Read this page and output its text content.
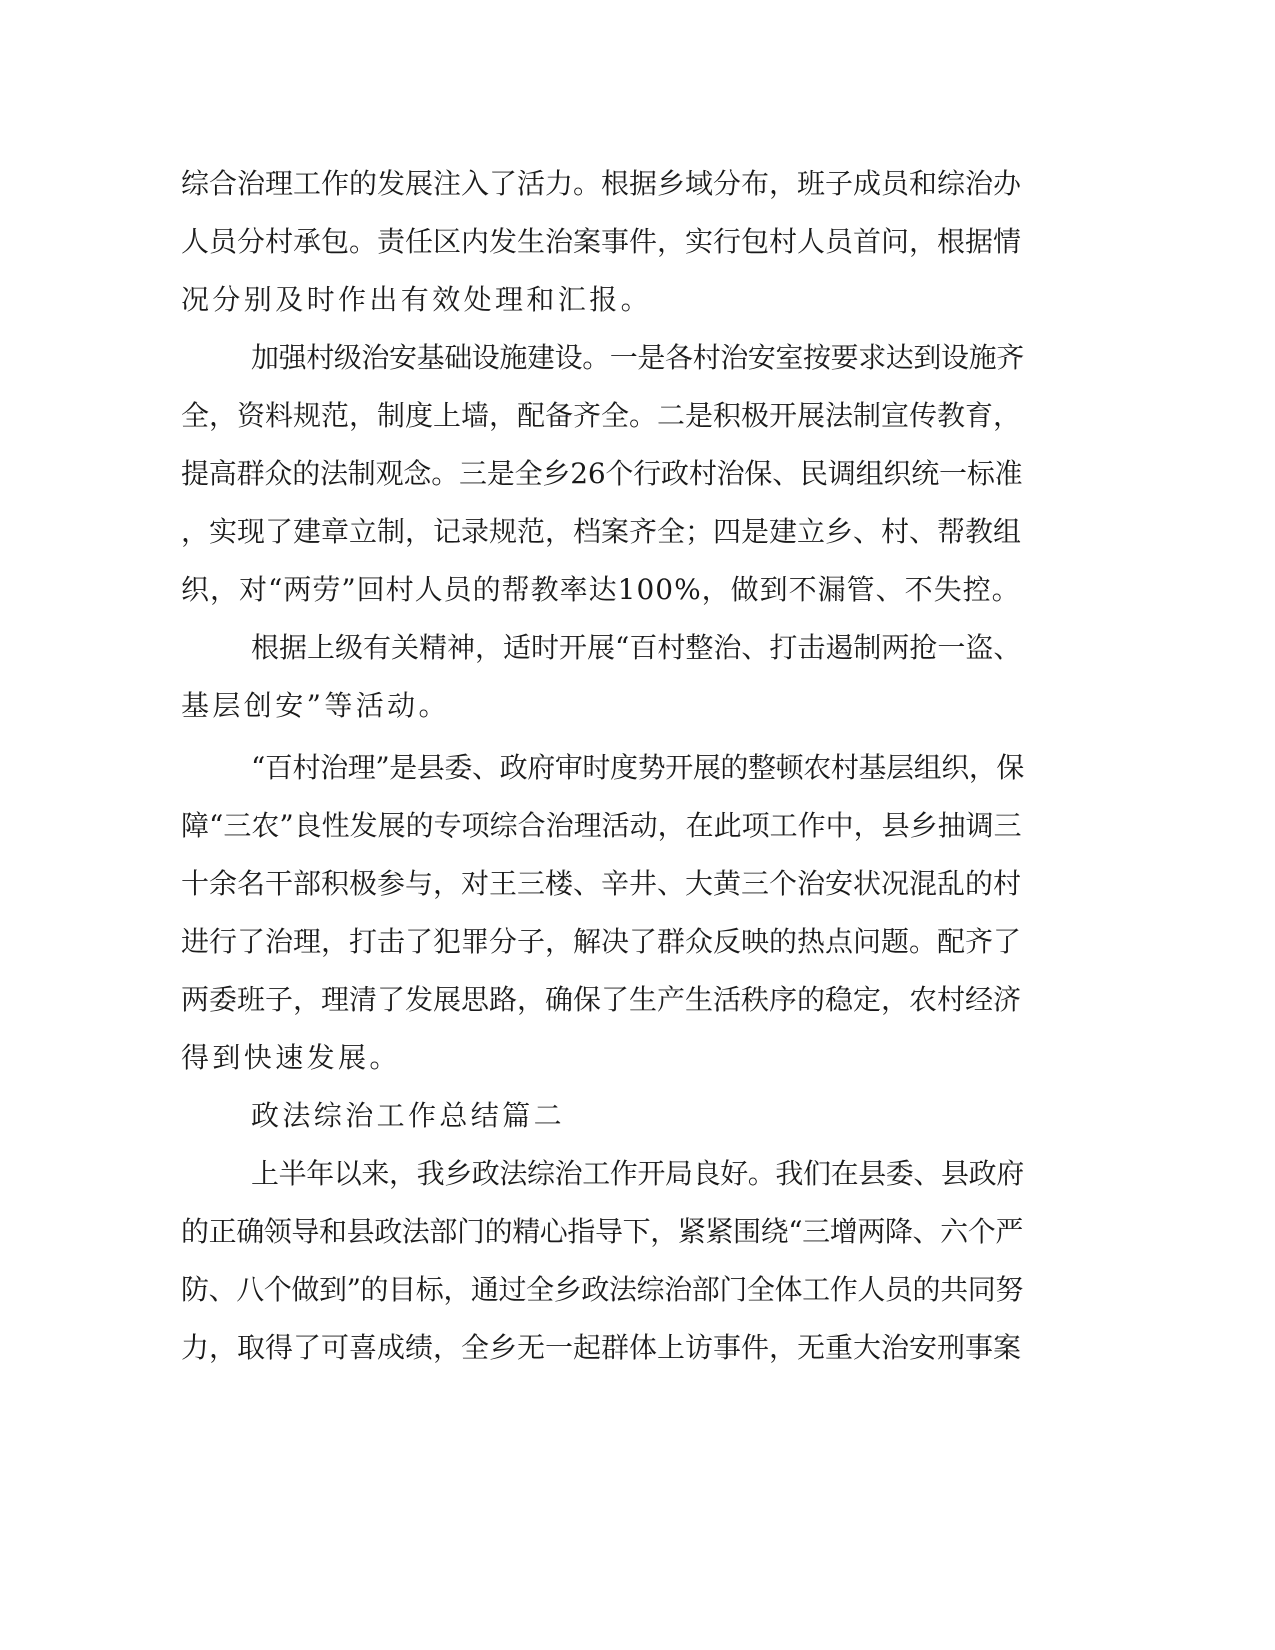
综合治理工作的发展注入了活力。根据乡域分布，班子成员和综治办
人员分村承包。责任区内发生治案事件，实行包村人员首问，根据情
况分别及时作出有效处理和汇报。
加强村级治安基础设施建设。一是各村治安室按要求达到设施齐
全，资料规范，制度上墙，配备齐全。二是积极开展法制宣传教育，
提高群众的法制观念。三是全乡26个行政村治保、民调组织统一标准
，实现了建章立制，记录规范，档案齐全；四是建立乡、村、帮教组
织，对“两劳”回村人员的帮教率达100%，做到不漏管、不失控。
根据上级有关精神，适时开展“百村整治、打击遏制两抢一盗、
基层创安”等活动。
“百村治理”是县委、政府审时度势开展的整顿农村基层组织，保
障“三农”良性发展的专项综合治理活动，在此项工作中，县乡抽调三
十余名干部积极参与，对王三楼、辛井、大黄三个治安状况混乱的村
进行了治理，打击了犯罪分子，解决了群众反映的热点问题。配齐了
两委班子，理清了发展思路，确保了生产生活秩序的稳定，农村经济
得到快速发展。
政法综治工作总结篇二
上半年以来，我乡政法综治工作开局良好。我们在县委、县政府
的正确领导和县政法部门的精心指导下，紧紧围绕“三增两降、六个严
防、八个做到”的目标，通过全乡政法综治部门全体工作人员的共同努
力，取得了可喜成绩，全乡无一起群体上访事件，无重大治安刑事案
